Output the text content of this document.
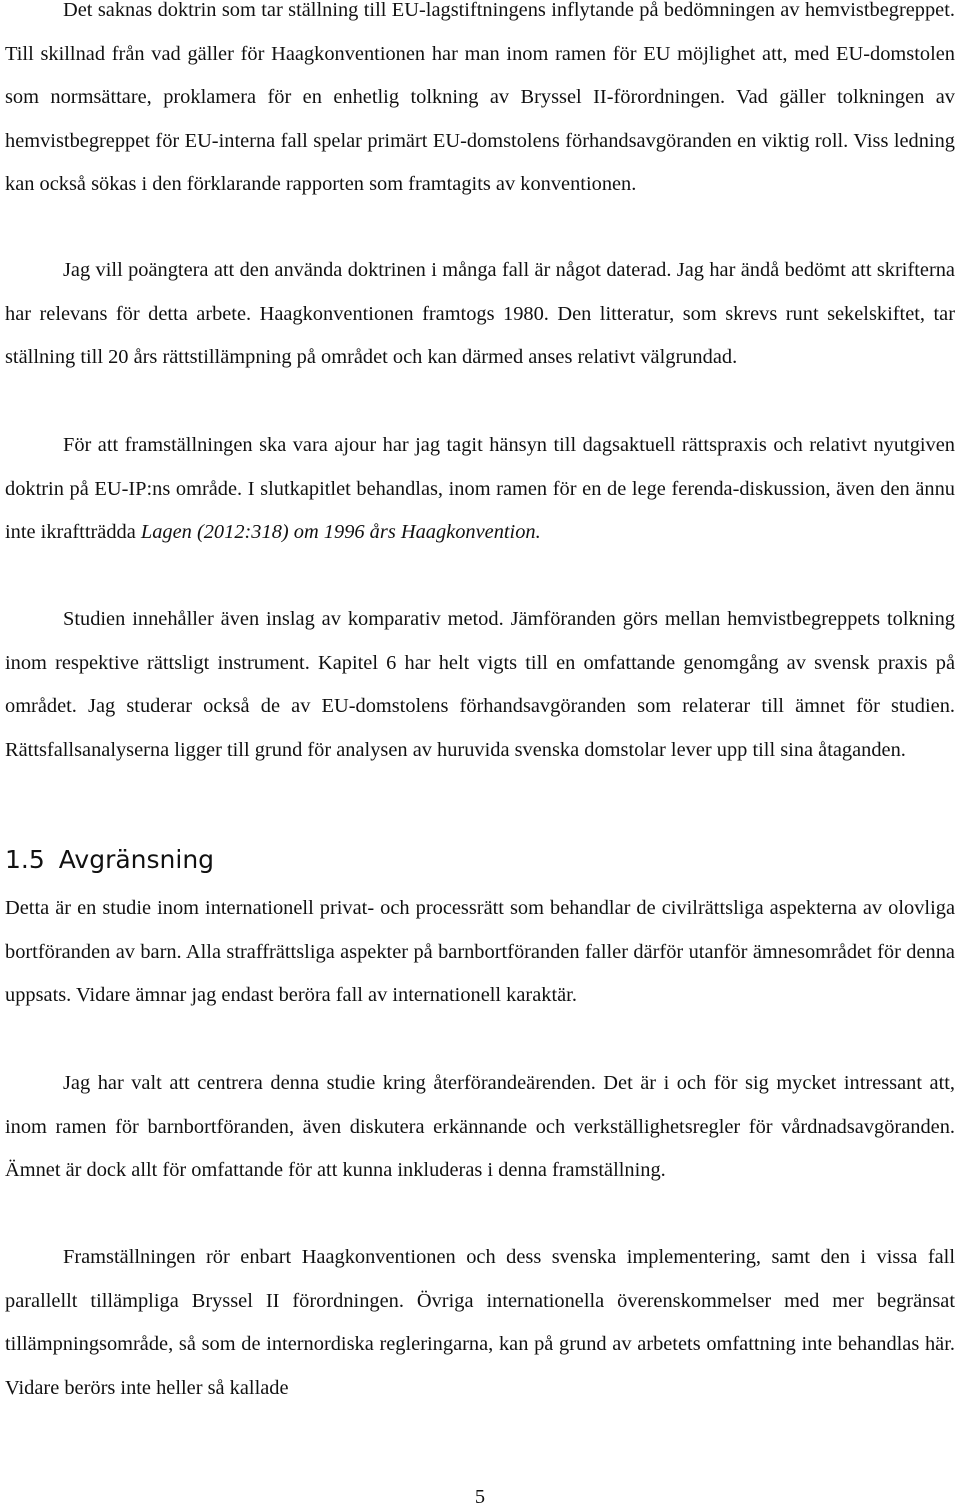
Det saknas doktrin som tar ställning till EU-lagstiftningens inflytande på bedömningen av hemvistbegreppet. Till skillnad från vad gäller för Haagkonventionen har man inom ramen för EU möjlighet att, med EU-domstolen som normsättare, proklamera för en enhetlig tolkning av Bryssel II-förordningen. Vad gäller tolkningen av hemvistbegreppet för EU-interna fall spelar primärt EU-domstolens förhandsavgöranden en viktig roll. Viss ledning kan också sökas i den förklarande rapporten som framtagits av konventionen.

Jag vill poängtera att den använda doktrinen i många fall är något daterad. Jag har ändå bedömt att skrifterna har relevans för detta arbete. Haagkonventionen framtogs 1980. Den litteratur, som skrevs runt sekelskiftet, tar ställning till 20 års rättstillämpning på området och kan därmed anses relativt välgrundad.

För att framställningen ska vara ajour har jag tagit hänsyn till dagsaktuell rättspraxis och relativt nyutgiven doktrin på EU-IP:ns område. I slutkapitlet behandlas, inom ramen för en de lege ferenda-diskussion, även den ännu inte ikraftträdda Lagen (2012:318) om 1996 års Haagkonvention.

Studien innehåller även inslag av komparativ metod. Jämföranden görs mellan hemvistbegreppets tolkning inom respektive rättsligt instrument. Kapitel 6 har helt vigts till en omfattande genomgång av svensk praxis på området. Jag studerar också de av EU-domstolens förhandsavgöranden som relaterar till ämnet för studien. Rättsfallsanalyserna ligger till grund för analysen av huruvida svenska domstolar lever upp till sina åtaganden.

1.5 Avgränsning

Detta är en studie inom internationell privat- och processrätt som behandlar de civilrättsliga aspekterna av olovliga bortföranden av barn. Alla straffrättsliga aspekter på barnbortföranden faller därför utanför ämnesområdet för denna uppsats. Vidare ämnar jag endast beröra fall av internationell karaktär.

Jag har valt att centrera denna studie kring återförandeärenden. Det är i och för sig mycket intressant att, inom ramen för barnbortföranden, även diskutera erkännande och verkställighetsregler för vårdnadsavgöranden. Ämnet är dock allt för omfattande för att kunna inkluderas i denna framställning.

Framställningen rör enbart Haagkonventionen och dess svenska implementering, samt den i vissa fall parallellt tillämpliga Bryssel II förordningen. Övriga internationella överenskommelser med mer begränsat tillämpningsområde, så som de internordiska regleringarna, kan på grund av arbetets omfattning inte behandlas här. Vidare berörs inte heller så kallade

5
